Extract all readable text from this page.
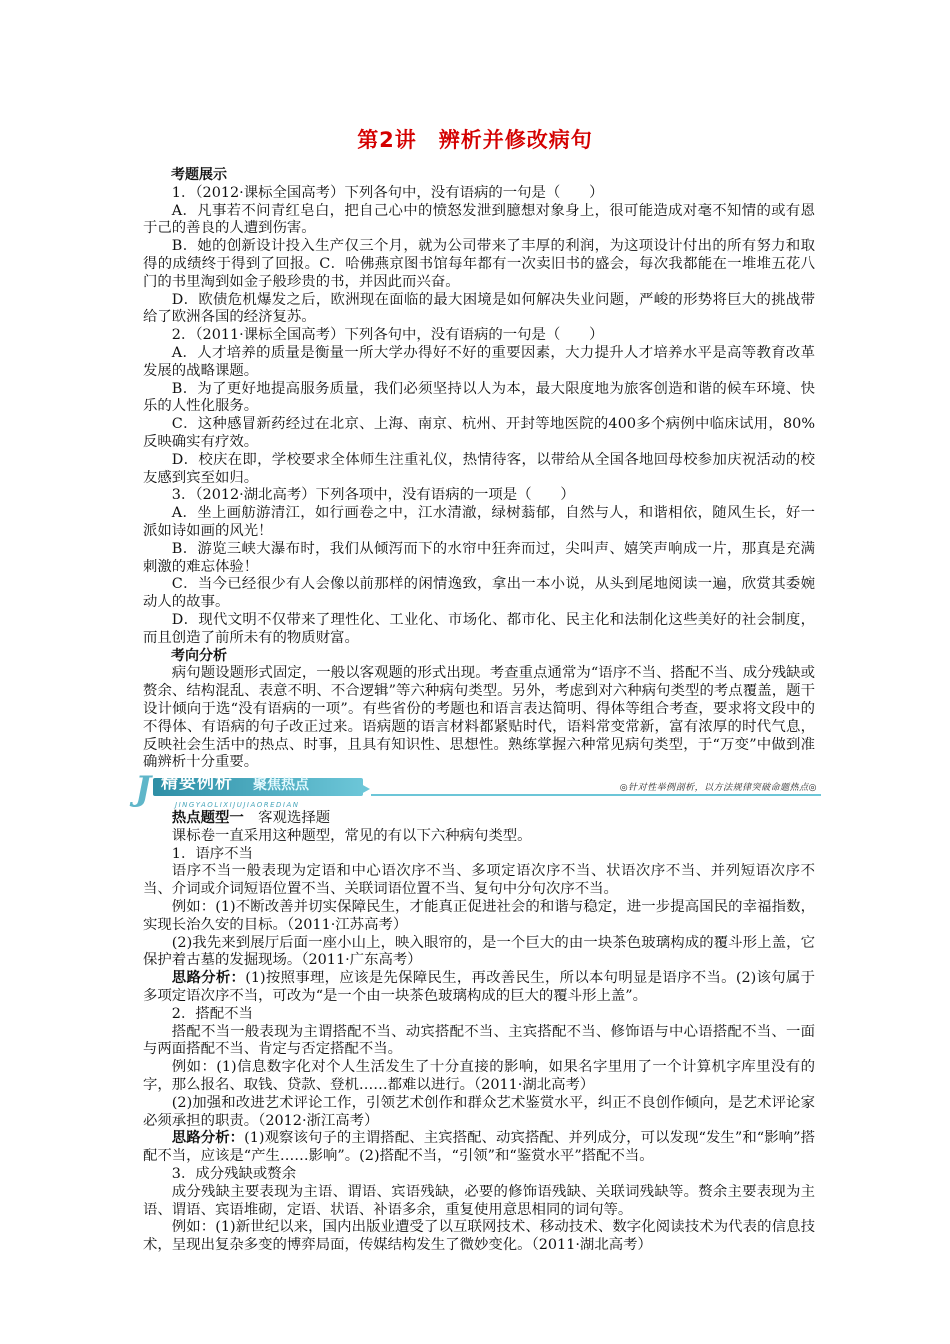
第2讲　辨析并修改病句

考题展示

1．（2012·课标全国高考）下列各句中，没有语病的一句是（　　）

A．凡事若不问青红皂白，把自己心中的愤怒发泄到臆想对象身上，很可能造成对毫不知情的或有恩于己的善良的人遭到伤害。

B．她的创新设计投入生产仅三个月，就为公司带来了丰厚的利润，为这项设计付出的所有努力和取得的成绩终于得到了回报。C．哈佛燕京图书馆每年都有一次卖旧书的盛会，每次我都能在一堆堆五花八门的书里淘到如金子般珍贵的书，并因此而兴奋。

D．欧债危机爆发之后，欧洲现在面临的最大困境是如何解决失业问题，严峻的形势将巨大的挑战带给了欧洲各国的经济复苏。

2．（2011·课标全国高考）下列各句中，没有语病的一句是（　　）

A．人才培养的质量是衡量一所大学办得好不好的重要因素，大力提升人才培养水平是高等教育改革发展的战略课题。

B．为了更好地提高服务质量，我们必须坚持以人为本，最大限度地为旅客创造和谐的候车环境、快乐的人性化服务。

C．这种感冒新药经过在北京、上海、南京、杭州、开封等地医院的400多个病例中临床试用，80%反映确实有疗效。

D．校庆在即，学校要求全体师生注重礼仪，热情待客，以带给从全国各地回母校参加庆祝活动的校友感到宾至如归。

3．（2012·湖北高考）下列各项中，没有语病的一项是（　　）

A．坐上画舫游清江，如行画卷之中，江水清澈，绿树蓊郁，自然与人，和谐相依，随风生长，好一派如诗如画的风光！

B．游览三峡大瀑布时，我们从倾泻而下的水帘中狂奔而过，尖叫声、嬉笑声响成一片，那真是充满刺激的难忘体验！

C．当今已经很少有人会像以前那样的闲情逸致，拿出一本小说，从头到尾地阅读一遍，欣赏其委婉动人的故事。

D．现代文明不仅带来了理性化、工业化、市场化、都市化、民主化和法制化这些美好的社会制度，而且创造了前所未有的物质财富。

考向分析

病句题设题形式固定，一般以客观题的形式出现。考查重点通常为“语序不当、搭配不当、成分残缺或赘余、结构混乱、表意不明、不合逻辑”等六种病句类型。另外，考虑到对六种病句类型的考点覆盖，题干设计倾向于选“没有语病的一项”。有些省份的考题也和语言表达简明、得体等组合考查，要求将文段中的不得体、有语病的句子改正过来。语病题的语言材料都紧贴时代，语料常变常新，富有浓厚的时代气息，反映社会生活中的热点、时事，且具有知识性、思想性。熟练掌握六种常见病句类型，于“万变”中做到准确辨析十分重要。

J 精要例析 聚焦热点
JINGYAOLIXIJUJIAOREDIAN
◎针对性举例剖析，以方法规律突破命题热点◎

热点题型一　客观选择题

课标卷一直采用这种题型，常见的有以下六种病句类型。

1．语序不当

语序不当一般表现为定语和中心语次序不当、多项定语次序不当、状语次序不当、并列短语次序不当、介词或介词短语位置不当、关联词语位置不当、复句中分句次序不当。

例如：(1)不断改善并切实保障民生，才能真正促进社会的和谐与稳定，进一步提高国民的幸福指数，实现长治久安的目标。（2011·江苏高考）

(2)我先来到展厅后面一座小山上，映入眼帘的，是一个巨大的由一块茶色玻璃构成的覆斗形上盖，它保护着古墓的发掘现场。（2011·广东高考）

思路分析：(1)按照事理，应该是先保障民生，再改善民生，所以本句明显是语序不当。(2)该句属于多项定语次序不当，可改为“是一个由一块茶色玻璃构成的巨大的覆斗形上盖”。

2．搭配不当

搭配不当一般表现为主谓搭配不当、动宾搭配不当、主宾搭配不当、修饰语与中心语搭配不当、一面与两面搭配不当、肯定与否定搭配不当。

例如：(1)信息数字化对个人生活发生了十分直接的影响，如果名字里用了一个计算机字库里没有的字，那么报名、取钱、贷款、登机……都难以进行。（2011·湖北高考）

(2)加强和改进艺术评论工作，引领艺术创作和群众艺术鉴赏水平，纠正不良创作倾向，是艺术评论家必须承担的职责。（2012·浙江高考）

思路分析：(1)观察该句子的主谓搭配、主宾搭配、动宾搭配、并列成分，可以发现“发生”和“影响”搭配不当，应该是“产生……影响”。(2)搭配不当，“引领”和“鉴赏水平”搭配不当。

3．成分残缺或赘余

成分残缺主要表现为主语、谓语、宾语残缺，必要的修饰语残缺、关联词残缺等。赘余主要表现为主语、谓语、宾语堆砌，定语、状语、补语多余，重复使用意思相同的词句等。

例如：(1)新世纪以来，国内出版业遭受了以互联网技术、移动技术、数字化阅读技术为代表的信息技术，呈现出复杂多变的博弈局面，传媒结构发生了微妙变化。（2011·湖北高考）
